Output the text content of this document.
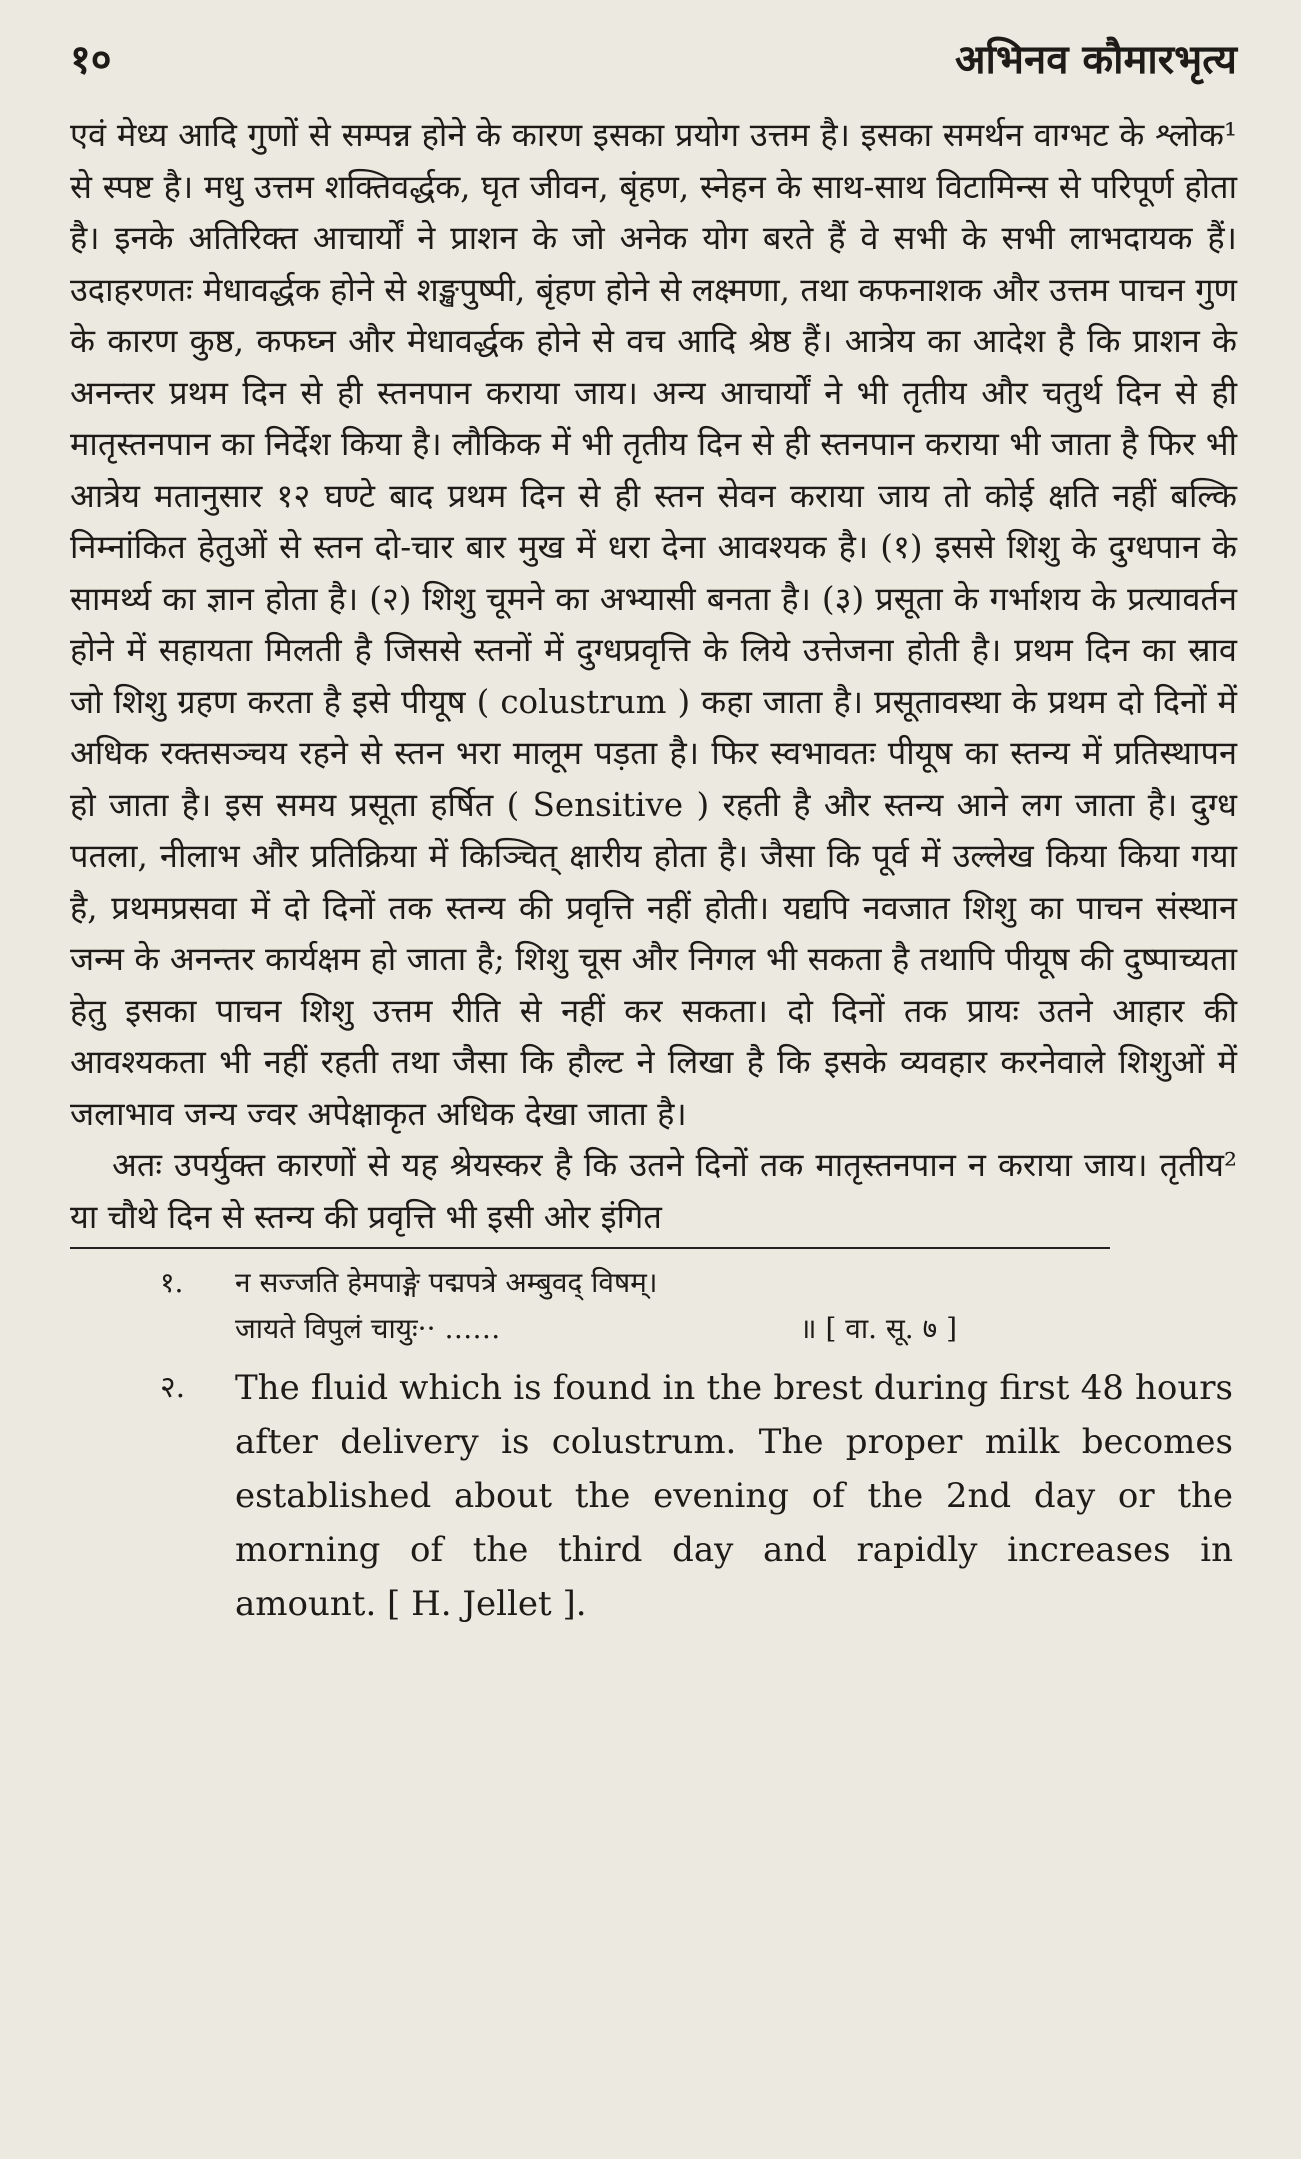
१०	अभिनव कौमारभृत्य

एवं मेध्य आदि गुणों से सम्पन्न होने के कारण इसका प्रयोग उत्तम है। इसका समर्थन वाग्भट के श्लोक¹ से स्पष्ट है। मधु उत्तम शक्तिवर्द्धक, घृत जीवन, बृंहण, स्नेहन के साथ-साथ विटामिन्स से परिपूर्ण होता है। इनके अतिरिक्त आचार्यों ने प्राशन के जो अनेक योग बरते हैं वे सभी के सभी लाभदायक हैं। उदाहरणतः मेधावर्द्धक होने से शङ्खपुष्पी, बृंहण होने से लक्ष्मणा, तथा कफनाशक और उत्तम पाचन गुण के कारण कुष्ठ, कफघ्न और मेधावर्द्धक होने से वच आदि श्रेष्ठ हैं। आत्रेय का आदेश है कि प्राशन के अनन्तर प्रथम दिन से ही स्तनपान कराया जाय। अन्य आचार्यों ने भी तृतीय और चतुर्थ दिन से ही मातृस्तनपान का निर्देश किया है। लौकिक में भी तृतीय दिन से ही स्तनपान कराया भी जाता है फिर भी आत्रेय मतानुसार १२ घण्टे बाद प्रथम दिन से ही स्तन सेवन कराया जाय तो कोई क्षति नहीं बल्कि निम्नांकित हेतुओं से स्तन दो-चार बार मुख में धरा देना आवश्यक है। (१) इससे शिशु के दुग्धपान के सामर्थ्य का ज्ञान होता है। (२) शिशु चूमने का अभ्यासी बनता है। (३) प्रसूता के गर्भाशय के प्रत्यावर्तन होने में सहायता मिलती है जिससे स्तनों में दुग्धप्रवृत्ति के लिये उत्तेजना होती है। प्रथम दिन का स्राव जो शिशु ग्रहण करता है इसे पीयूष ( colustrum ) कहा जाता है। प्रसूतावस्था के प्रथम दो दिनों में अधिक रक्तसञ्चय रहने से स्तन भरा मालूम पड़ता है। फिर स्वभावतः पीयूष का स्तन्य में प्रतिस्थापन हो जाता है। इस समय प्रसूता हर्षित ( Sensitive ) रहती है और स्तन्य आने लग जाता है। दुग्ध पतला, नीलाभ और प्रतिक्रिया में किञ्चित् क्षारीय होता है। जैसा कि पूर्व में उल्लेख किया किया गया है, प्रथमप्रसवा में दो दिनों तक स्तन्य की प्रवृत्ति नहीं होती। यद्यपि नवजात शिशु का पाचन संस्थान जन्म के अनन्तर कार्यक्षम हो जाता है; शिशु चूस और निगल भी सकता है तथापि पीयूष की दुष्पाच्यता हेतु इसका पाचन शिशु उत्तम रीति से नहीं कर सकता। दो दिनों तक प्रायः उतने आहार की आवश्यकता भी नहीं रहती तथा जैसा कि हौल्ट ने लिखा है कि इसके व्यवहार करनेवाले शिशुओं में जलाभाव जन्य ज्वर अपेक्षाकृत अधिक देखा जाता है।

अतः उपर्युक्त कारणों से यह श्रेयस्कर है कि उतने दिनों तक मातृस्तनपान न कराया जाय। तृतीय² या चौथे दिन से स्तन्य की प्रवृत्ति भी इसी ओर इंगित

१.	न सज्जति हेमपाङ्गे पद्मपत्रे अम्बुवद् विषम्।
जायते विपुलं चायुः·· ……	॥ [ वा. सू. ७ ]
२.	The fluid which is found in the brest during first 48 hours after delivery is colustrum. The proper milk becomes established about the evening of the 2nd day or the morning of the third day and rapidly increases in amount. [ H. Jellet ].
